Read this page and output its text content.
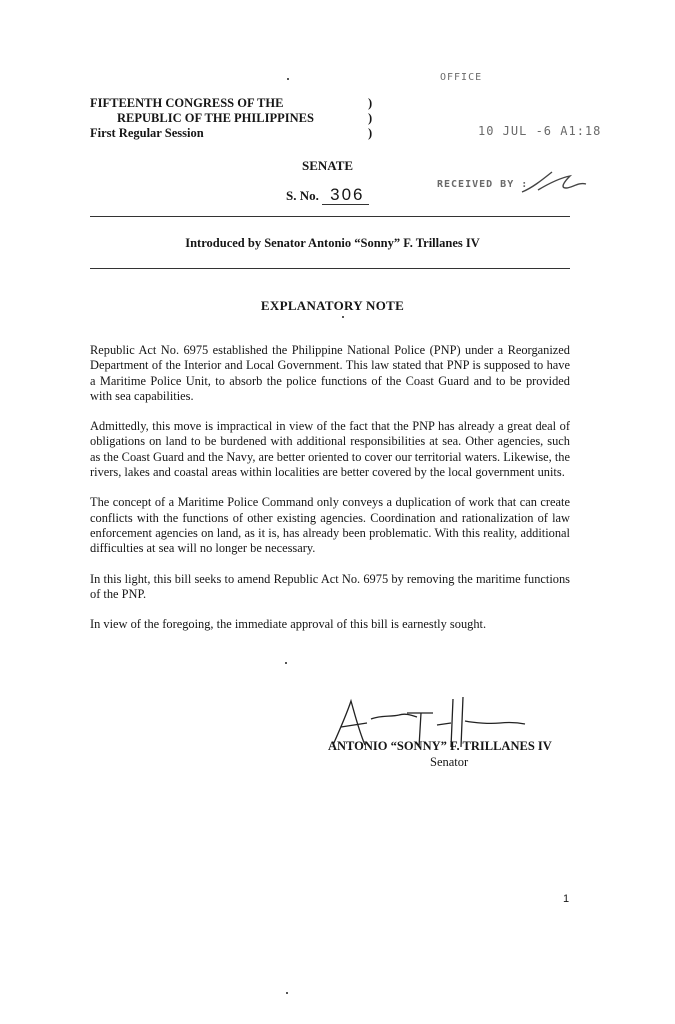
FIFTEENTH CONGRESS OF THE
REPUBLIC OF THE PHILIPPINES
First Regular Session
)
)
)
OFFICE
10 JUL -6 A1:18
RECEIVED BY :
SENATE
S. No. 306
Introduced by Senator Antonio “Sonny” F. Trillanes IV
EXPLANATORY NOTE

Republic Act No. 6975 established the Philippine National Police (PNP) under a Reorganized Department of the Interior and Local Government. This law stated that PNP is supposed to have a Maritime Police Unit, to absorb the police functions of the Coast Guard and to be provided with sea capabilities.

Admittedly, this move is impractical in view of the fact that the PNP has already a great deal of obligations on land to be burdened with additional responsibilities at sea. Other agencies, such as the Coast Guard and the Navy, are better oriented to cover our territorial waters. Likewise, the rivers, lakes and coastal areas within localities are better covered by the local government units.

The concept of a Maritime Police Command only conveys a duplication of work that can create conflicts with the functions of other existing agencies. Coordination and rationalization of law enforcement agencies on land, as it is, has already been problematic. With this reality, additional difficulties at sea will no longer be necessary.

In this light, this bill seeks to amend Republic Act No. 6975 by removing the maritime functions of the PNP.

In view of the foregoing, the immediate approval of this bill is earnestly sought.

ANTONIO “SONNY” F. TRILLANES IV
Senator
1
